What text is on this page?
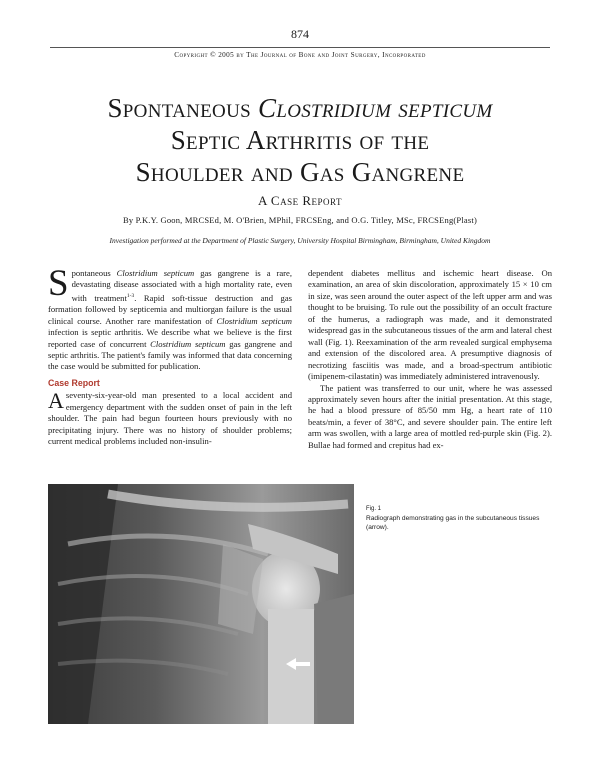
874
Copyright © 2005 by The Journal of Bone and Joint Surgery, Incorporated
Spontaneous Clostridium septicum
Septic Arthritis of the
Shoulder and Gas Gangrene
A Case Report
By P.K.Y. Goon, MRCSEd, M. O'Brien, MPhil, FRCSEng, and O.G. Titley, MSc, FRCSEng(Plast)
Investigation performed at the Department of Plastic Surgery, University Hospital Birmingham, Birmingham, United Kingdom

Spontaneous Clostridium septicum gas gangrene is a rare, devastating disease associated with a high mortality rate, even with treatment$^{1-3}$. Rapid soft-tissue destruction and gas formation followed by septicemia and multiorgan failure is the usual clinical course. Another rare manifestation of Clostridium septicum infection is septic arthritis. We describe what we believe is the first reported case of concurrent Clostridium septicum gas gangrene and septic arthritis. The patient's family was informed that data concerning the case would be submitted for publication.

Case Report

A seventy-six-year-old man presented to a local accident and emergency department with the sudden onset of pain in the left shoulder. The pain had begun fourteen hours previously with no precipitating injury. There was no history of shoulder problems; current medical problems included non-insulin-

dependent diabetes mellitus and ischemic heart disease. On examination, an area of skin discoloration, approximately 15 × 10 cm in size, was seen around the outer aspect of the left upper arm and was thought to be bruising. To rule out the possibility of an occult fracture of the humerus, a radiograph was made, and it demonstrated widespread gas in the subcutaneous tissues of the arm and lateral chest wall (Fig. 1). Reexamination of the arm revealed surgical emphysema and extension of the discolored area. A presumptive diagnosis of necrotizing fasciitis was made, and a broad-spectrum antibiotic (imipenem-cilastatin) was immediately administered intravenously.

The patient was transferred to our unit, where he was assessed approximately seven hours after the initial presentation. At this stage, he had a blood pressure of 85/50 mm Hg, a heart rate of 110 beats/min, a fever of 38°C, and severe shoulder pain. The entire left arm was swollen, with a large area of mottled red-purple skin (Fig. 2). Bullae had formed and crepitus had ex-

Fig. 1
Radiograph demonstrating gas in the subcutaneous tissues (arrow).
